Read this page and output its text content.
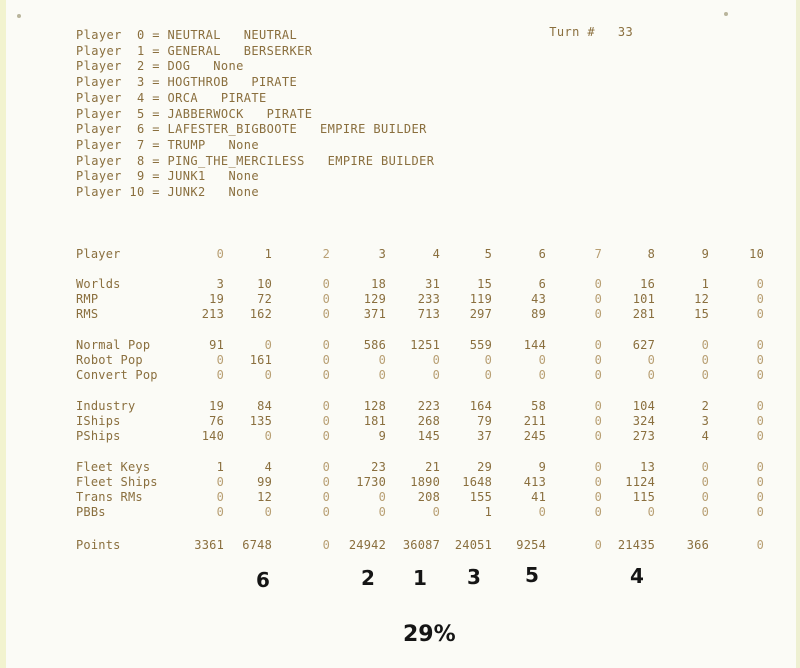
Turn # 33

Player  0 = NEUTRAL   NEUTRAL
Player  1 = GENERAL   BERSERKER
Player  2 = DOG   None
Player  3 = HOGTHROB   PIRATE
Player  4 = ORCA   PIRATE
Player  5 = JABBERWOCK   PIRATE
Player  6 = LAFESTER_BIGBOOTE   EMPIRE BUILDER
Player  7 = TRUMP   None
Player  8 = PING_THE_MERCILESS   EMPIRE BUILDER
Player  9 = JUNK1   None
Player 10 = JUNK2   None
Player	0	1	2	3	4	5	6	7	8	9	10
Worlds	3	10	0	18	31	15	6	0	16	1	0
RMP	19	72	0	129	233	119	43	0	101	12	0
RMS	213	162	0	371	713	297	89	0	281	15	0
Normal Pop	91	0	0	586	1251	559	144	0	627	0	0
Robot Pop	0	161	0	0	0	0	0	0	0	0	0
Convert Pop	0	0	0	0	0	0	0	0	0	0	0
Industry	19	84	0	128	223	164	58	0	104	2	0
IShips	76	135	0	181	268	79	211	0	324	3	0
PShips	140	0	0	9	145	37	245	0	273	4	0
Fleet Keys	1	4	0	23	21	29	9	0	13	0	0
Fleet Ships	0	99	0	1730	1890	1648	413	0	1124	0	0
Trans RMs	0	12	0	0	208	155	41	0	115	0	0
PBBs	0	0	0	0	0	1	0	0	0	0	0
Points	3361	6748	0	24942	36087	24051	9254	0	21435	366	0
6	2 1 3 5	4
29%
